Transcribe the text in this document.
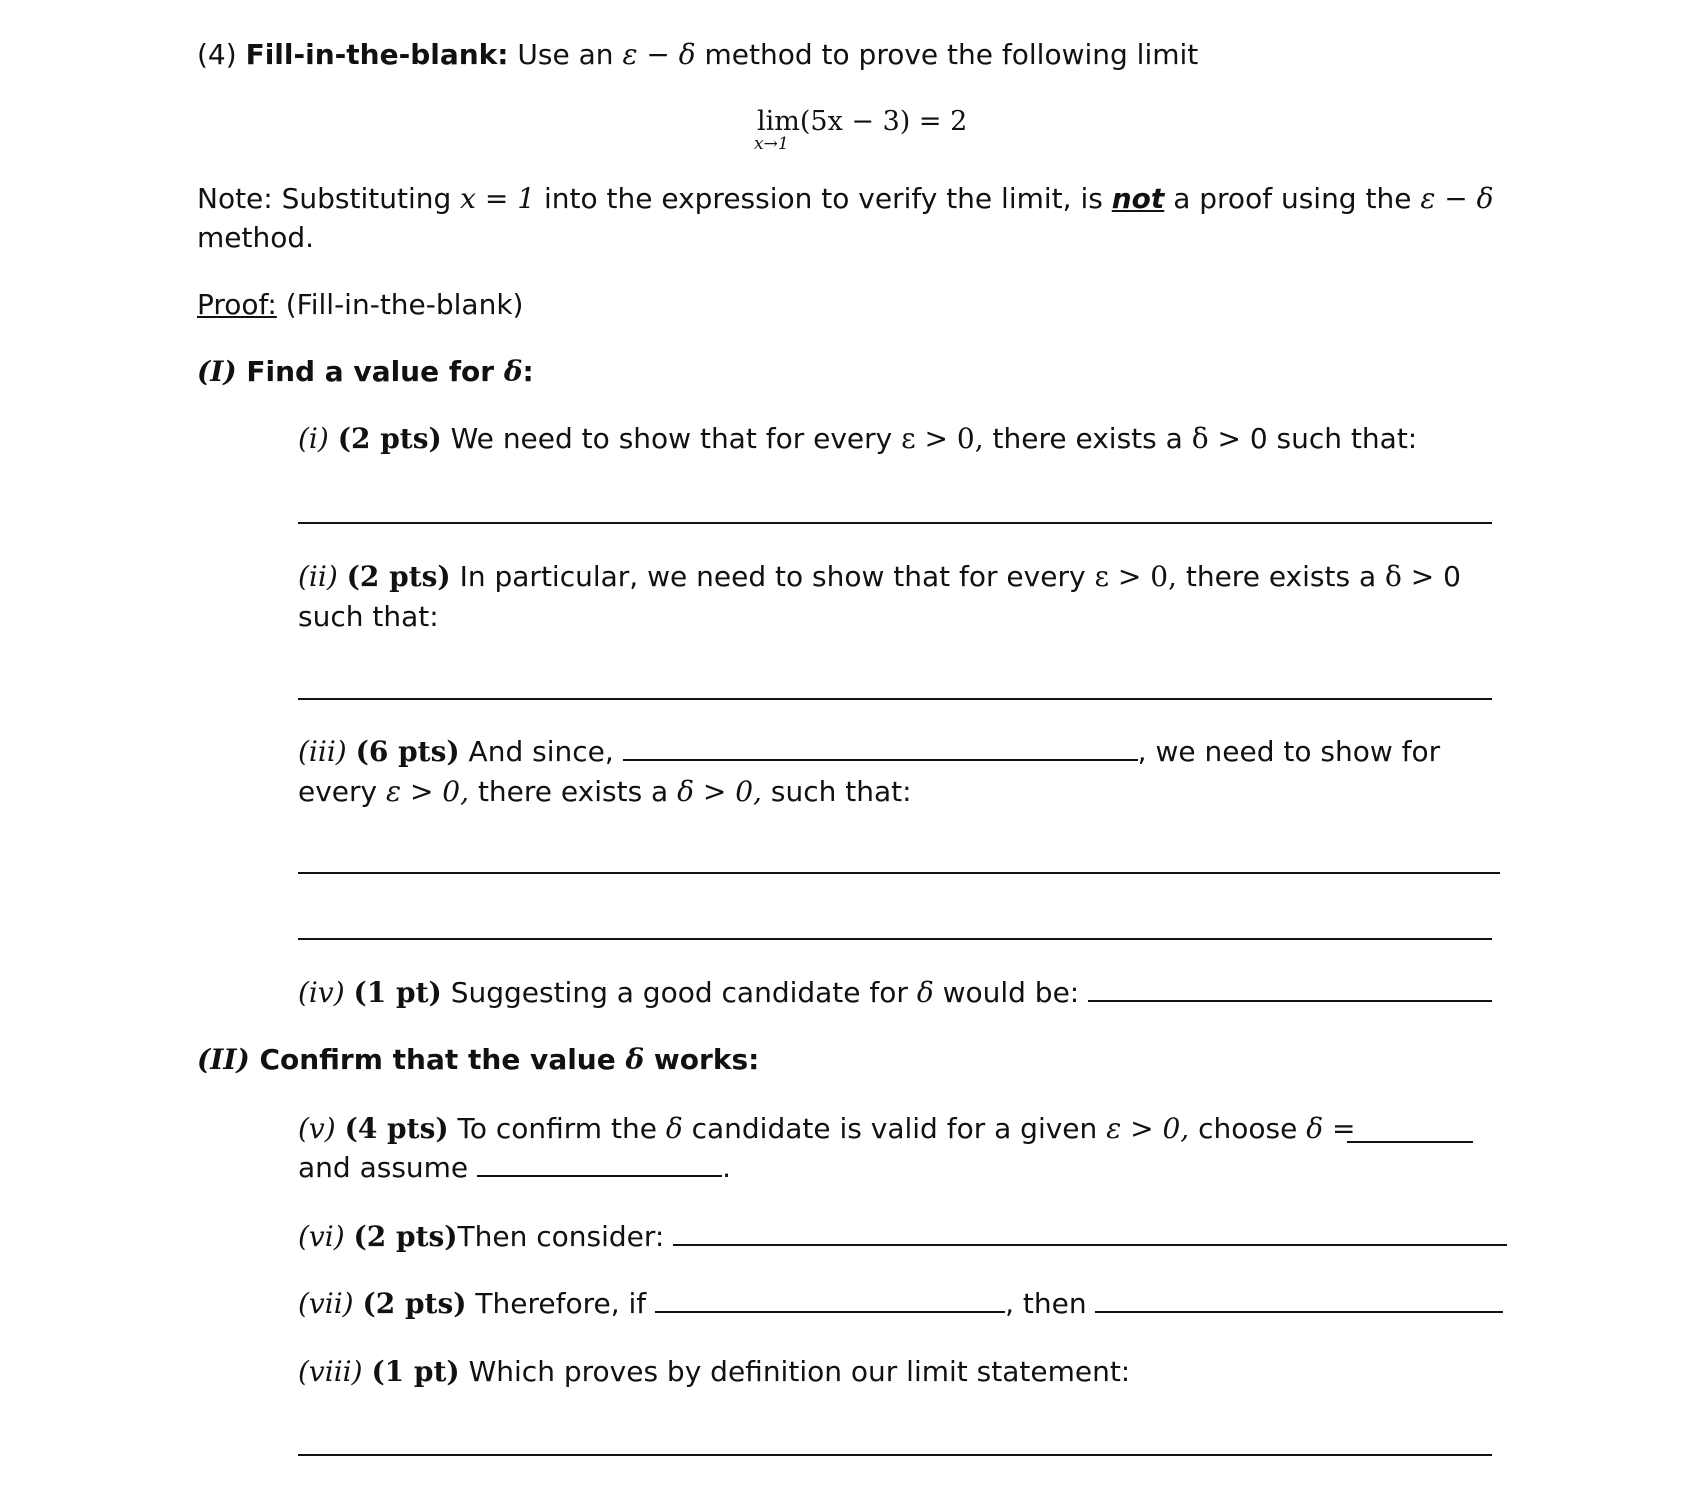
(4) Fill-in-the-blank: Use an ε − δ method to prove the following limit
lim(5x − 3) = 2
x→1
Note: Substituting x = 1 into the expression to verify the limit, is not a proof using the ε − δ
method.
Proof: (Fill-in-the-blank)
(I) Find a value for δ:
(i) (2 pts) We need to show that for every ε > 0, there exists a δ > 0 such that:
(ii) (2 pts) In particular, we need to show that for every ε > 0, there exists a δ > 0
such that:
(iii) (6 pts) And since,	, we need to show for
every ε > 0, there exists a δ > 0, such that:
(iv) (1 pt) Suggesting a good candidate for δ would be:
(II) Confirm that the value δ works:
(v) (4 pts) To confirm the δ candidate is valid for a given ε > 0, choose δ =
and assume	.
(vi) (2 pts)Then consider:
(vii) (2 pts) Therefore, if	, then
(viii) (1 pt) Which proves by definition our limit statement:
